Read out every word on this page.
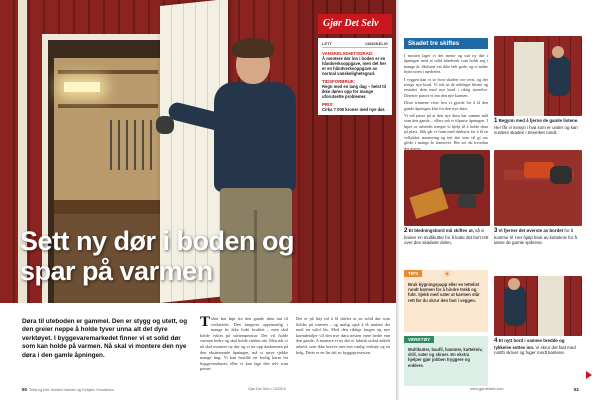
Sett ny dør i boden og spar på varmen
Gjør Det Selv
LETT	VANSKELIG
VANSKELIGHETSGRAD:
Å montere dør inn i boden er en håndverksoppgave, men det her er en håndverksoppgave av normal vanskelighetsgrad.
TIDSFORBRUK:
Regn med en lang dag – helst til ikke døren opp for mange uforutsette problemer.
PRIS:
Cirka 7 000 kroner med nye dør.

Døra til uteboden er gammel. Den er stygg og utett, og den greier neppe å holde tyver unna alt det dyre verktøyet. I byggevaremarkedet finner vi et solid dør som kan holde på varmen. Nå skal vi montere den nye døra i den gamle åpningen.

T iden har løpt fra den gamle døra inn til verkstedet. Den fungerer opprinnelig i mange år, ikke forbi kvalitet – men skal holde ryktet på utetemperatur. Det vil holde varmen bedre og skal holde vinden ute. Men når vi nå skal montere ny dør og vi tar opp dørkarmen på den eksisterende åpningen, må vi nøye sjekke mange ting. Vi kan bestille en ferdig karm fra byggevarehuset, eller vi kan lage den selv som passer.
Det er på høy tid å få skiftet ut en solid dør som holder på varmen – og mulig også å få innføre det med en solid lås. Med den riktige fargen og nye karmdetaljer vil den nye døra nesten være bedre enn den gamle. A montere ei ny dør er faktisk nokså enkelt arbeid, som ikke krever mer enn vanlig verktøy og en helg. Dette er en fin del av byggeprosessen.
50 Tekst og foto: Anders Hansen og Torbjørn Grundesen	Gjør Det Selv • 10/2010
Skadet tre skiftes

I mosten laget vi det meste og satt ny dør i åpningen med et solid håndverk som holdt seg i mange år. Skiftene var ikke helt gode, og vi måtte bytte noen i nærheten.

I veggen kan vi se hvor skaden var verst, og der trengs nye bord. Vi tok ut de ødelagte bitene og erstattet dem med nye bord i riktig størrelse. Deretter passet vi inn den nye karmen.

Disse trinnene viser hva vi gjorde for å få den gamle åpningen klar for den nye døra.

Vi må passe på at den nye døra har samme mål som den gamle – ellers må vi tilpasse åpningen. I løpet av arbeidet trenger vi hjelp til å holde døra på plass. Slik går vi fram med dørbytte for å få en vellykket montering og tett dør som vil gi oss glede i mange år framover. Her ser du hvordan det gjøres.

1 Begynn med å fjerne de gamle listene. Her får vi innsyn i hva som er under og kan vurdere skaden i treverket rundt.
2 Et bledningsbord må skiftes ut, så vi bruker en multikutter for å kutte det bort rett over den skadede delen.
3 Vi fjerner det øverste av bordet for å komme til. Her hjalp bruk av kuttekniv for å løsne de gamle spikrene.
TIPS	☀

Bruk bygningspapp eller en tettelist rundt karmen for å hindre trekk og fukt. Sjekk med vater at karmen står rett før du skrur den fast i veggen.

VERKTØY

Multikutter, baufil, hammer, kuttekniv, drill, vater og skruer. En ekstra hjelper gjør jobben tryggere og enklere.

4 Et nytt bord i samme bredde og tykkelse settes inn. Vi skrur det fast med rustfri skruer og fuger rundt kantene.
www.gjordetselv.com	51
